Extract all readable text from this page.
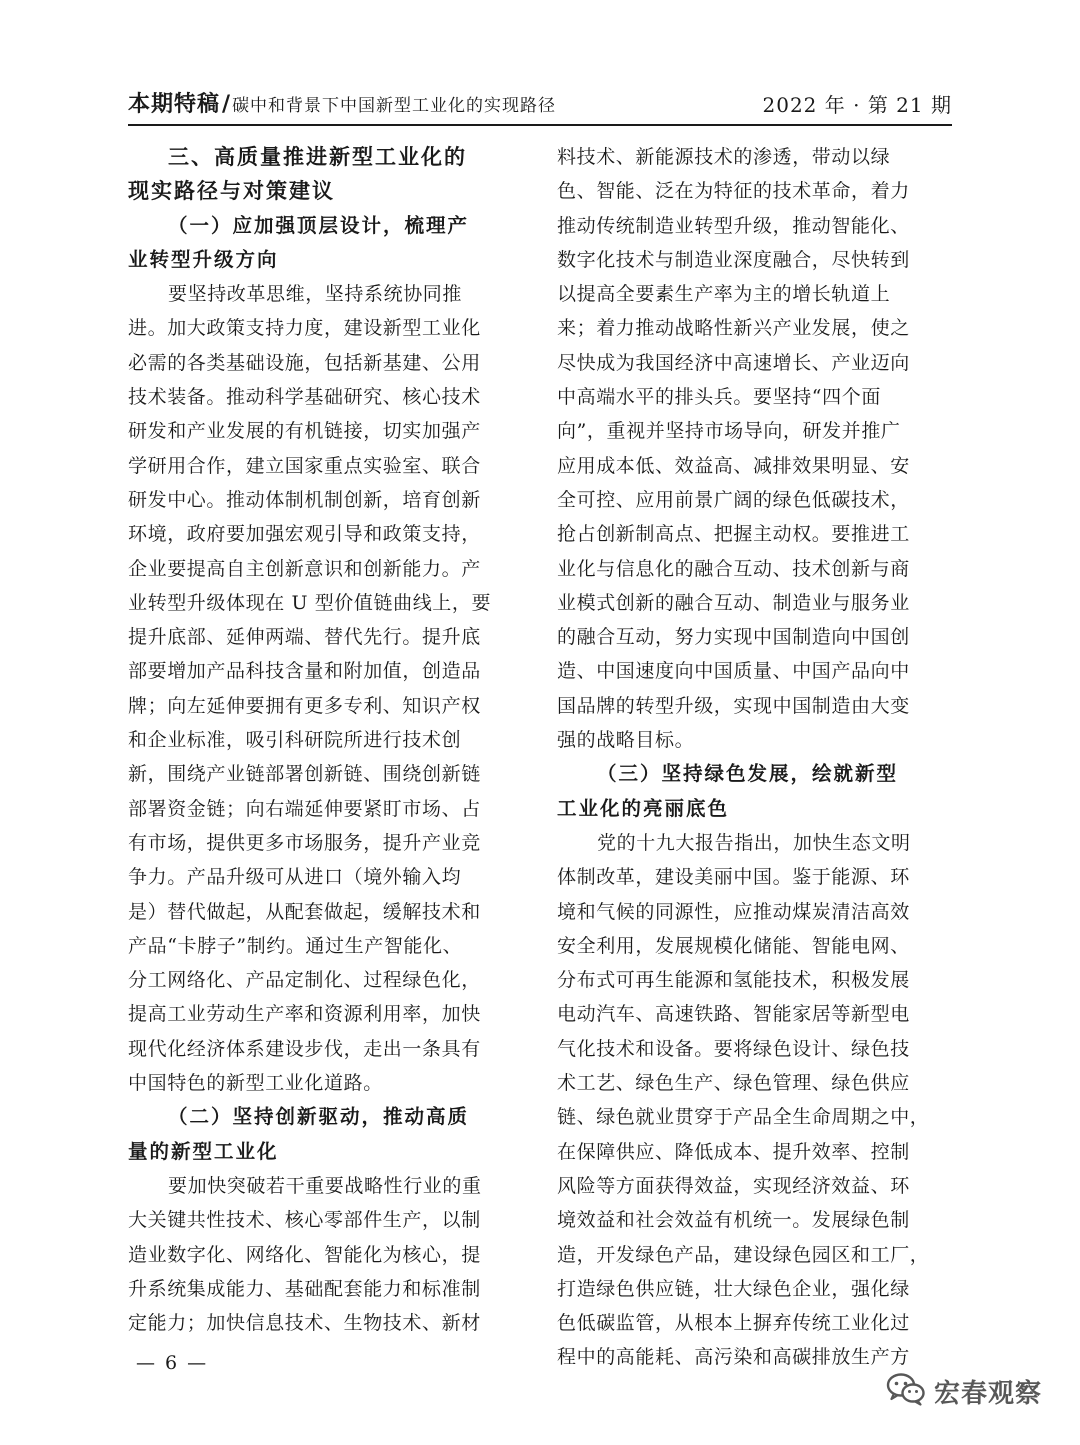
本期特稿/ 碳中和背景下中国新型工业化的实现路径	2022 年 · 第 21 期
三、高质量推进新型工业化的
现实路径与对策建议
（一）应加强顶层设计，梳理产
业转型升级方向
要坚持改革思维，坚持系统协同推
进。加大政策支持力度，建设新型工业化
必需的各类基础设施，包括新基建、公用
技术装备。推动科学基础研究、核心技术
研发和产业发展的有机链接，切实加强产
学研用合作，建立国家重点实验室、联合
研发中心。推动体制机制创新，培育创新
环境，政府要加强宏观引导和政策支持，
企业要提高自主创新意识和创新能力。产
业转型升级体现在 U 型价值链曲线上，要
提升底部、延伸两端、替代先行。提升底
部要增加产品科技含量和附加值，创造品
牌；向左延伸要拥有更多专利、知识产权
和企业标准，吸引科研院所进行技术创
新，围绕产业链部署创新链、围绕创新链
部署资金链；向右端延伸要紧盯市场、占
有市场，提供更多市场服务，提升产业竞
争力。产品升级可从进口（境外输入均
是）替代做起，从配套做起，缓解技术和
产品“卡脖子”制约。通过生产智能化、
分工网络化、产品定制化、过程绿色化，
提高工业劳动生产率和资源利用率，加快
现代化经济体系建设步伐，走出一条具有
中国特色的新型工业化道路。
（二）坚持创新驱动，推动高质
量的新型工业化
要加快突破若干重要战略性行业的重
大关键共性技术、核心零部件生产，以制
造业数字化、网络化、智能化为核心，提
升系统集成能力、基础配套能力和标准制
定能力；加快信息技术、生物技术、新材
料技术、新能源技术的渗透，带动以绿
色、智能、泛在为特征的技术革命，着力
推动传统制造业转型升级，推动智能化、
数字化技术与制造业深度融合，尽快转到
以提高全要素生产率为主的增长轨道上
来；着力推动战略性新兴产业发展，使之
尽快成为我国经济中高速增长、产业迈向
中高端水平的排头兵。要坚持“四个面
向”，重视并坚持市场导向，研发并推广
应用成本低、效益高、减排效果明显、安
全可控、应用前景广阔的绿色低碳技术，
抢占创新制高点、把握主动权。要推进工
业化与信息化的融合互动、技术创新与商
业模式创新的融合互动、制造业与服务业
的融合互动，努力实现中国制造向中国创
造、中国速度向中国质量、中国产品向中
国品牌的转型升级，实现中国制造由大变
强的战略目标。
（三）坚持绿色发展，绘就新型
工业化的亮丽底色
党的十九大报告指出，加快生态文明
体制改革，建设美丽中国。鉴于能源、环
境和气候的同源性，应推动煤炭清洁高效
安全利用，发展规模化储能、智能电网、
分布式可再生能源和氢能技术，积极发展
电动汽车、高速铁路、智能家居等新型电
气化技术和设备。要将绿色设计、绿色技
术工艺、绿色生产、绿色管理、绿色供应
链、绿色就业贯穿于产品全生命周期之中，
在保障供应、降低成本、提升效率、控制
风险等方面获得效益，实现经济效益、环
境效益和社会效益有机统一。发展绿色制
造，开发绿色产品，建设绿色园区和工厂，
打造绿色供应链，壮大绿色企业，强化绿
色低碳监管，从根本上摒弃传统工业化过
程中的高能耗、高污染和高碳排放生产方
— 6 —
宏春观察
